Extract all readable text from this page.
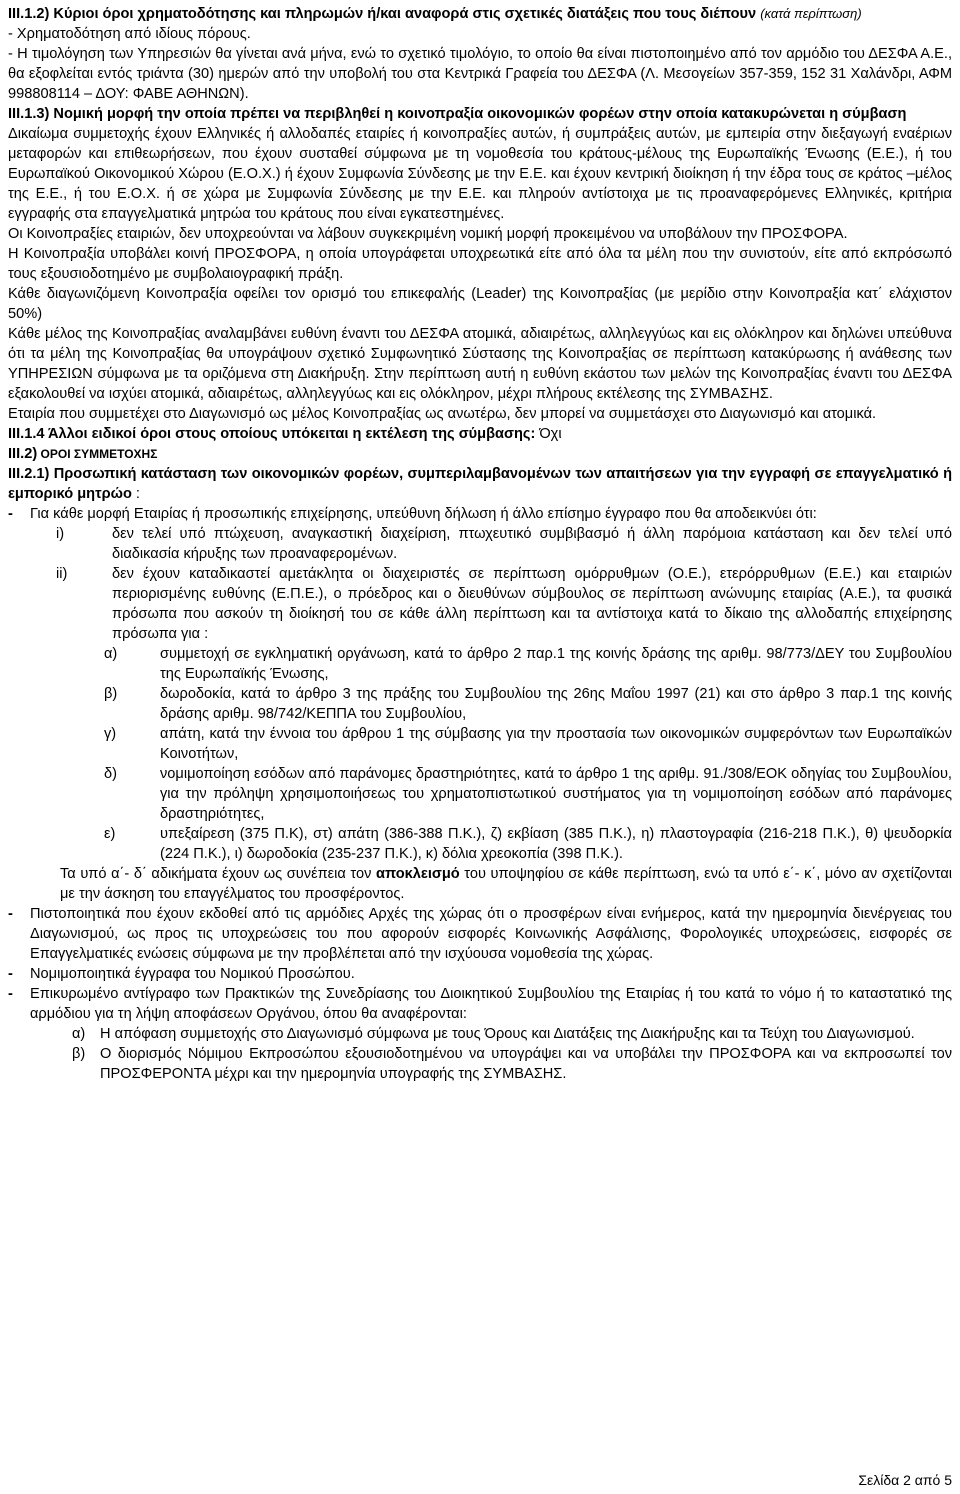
ΙΙΙ.1.2) Κύριοι όροι χρηματοδότησης και πληρωμών ή/και αναφορά στις σχετικές διατάξεις που τους διέπουν (κατά περίπτωση)

- Χρηματοδότηση από ιδίους πόρους.

- Η τιμολόγηση των Υπηρεσιών θα γίνεται ανά μήνα, ενώ το σχετικό τιμολόγιο, το οποίο θα είναι πιστοποιημένο από τον αρμόδιο του ΔΕΣΦΑ Α.Ε., θα εξοφλείται εντός τριάντα (30) ημερών από την υποβολή του στα Κεντρικά Γραφεία του ΔΕΣΦΑ (Λ. Μεσογείων 357-359, 152 31 Χαλάνδρι, ΑΦΜ 998808114 – ΔΟΥ: ΦΑΒΕ ΑΘΗΝΩΝ).

ΙΙΙ.1.3) Νομική μορφή την οποία πρέπει να περιβληθεί η κοινοπραξία οικονομικών φορέων στην οποία κατακυρώνεται η σύμβαση

Δικαίωμα συμμετοχής έχουν Ελληνικές ή αλλοδαπές εταιρίες ή κοινοπραξίες αυτών, ή συμπράξεις αυτών, με εμπειρία στην διεξαγωγή εναέριων μεταφορών και επιθεωρήσεων, που έχουν συσταθεί σύμφωνα με τη νομοθεσία του κράτους-μέλους της Ευρωπαϊκής Ένωσης (Ε.Ε.), ή του Ευρωπαϊκού Οικονομικού Χώρου (Ε.Ο.Χ.) ή έχουν Συμφωνία Σύνδεσης με την Ε.Ε. και έχουν κεντρική διοίκηση ή την έδρα τους σε κράτος –μέλος της Ε.Ε., ή του Ε.Ο.Χ. ή σε χώρα με Συμφωνία Σύνδεσης με την Ε.Ε. και πληρούν αντίστοιχα με τις προαναφερόμενες Ελληνικές, κριτήρια εγγραφής στα επαγγελματικά μητρώα του κράτους που είναι εγκατεστημένες.

Οι Κοινοπραξίες εταιριών, δεν υποχρεούνται να λάβουν συγκεκριμένη νομική μορφή προκειμένου να υποβάλουν την ΠΡΟΣΦΟΡΑ.

Η Κοινοπραξία υποβάλει κοινή ΠΡΟΣΦΟΡΑ, η οποία υπογράφεται υποχρεωτικά είτε από όλα τα μέλη που την συνιστούν, είτε από εκπρόσωπό τους εξουσιοδοτημένο με συμβολαιογραφική πράξη.

Κάθε διαγωνιζόμενη Κοινοπραξία οφείλει τον ορισμό του επικεφαλής (Leader) της Κοινοπραξίας (με μερίδιο στην Κοινοπραξία κατ΄ ελάχιστον 50%)

Κάθε μέλος της Κοινοπραξίας αναλαμβάνει ευθύνη έναντι του ΔΕΣΦΑ ατομικά, αδιαιρέτως, αλληλεγγύως και εις ολόκληρον και δηλώνει υπεύθυνα ότι τα μέλη της Κοινοπραξίας θα υπογράψουν σχετικό Συμφωνητικό Σύστασης της Κοινοπραξίας σε περίπτωση κατακύρωσης ή ανάθεσης των ΥΠΗΡΕΣΙΩΝ σύμφωνα με τα οριζόμενα στη Διακήρυξη. Στην περίπτωση αυτή η ευθύνη εκάστου των μελών της Κοινοπραξίας έναντι του ΔΕΣΦΑ εξακολουθεί να ισχύει ατομικά, αδιαιρέτως, αλληλεγγύως και εις ολόκληρον, μέχρι πλήρους εκτέλεσης της ΣΥΜΒΑΣΗΣ.

Εταιρία που συμμετέχει στο Διαγωνισμό ως μέλος Κοινοπραξίας ως ανωτέρω, δεν μπορεί να συμμετάσχει στο Διαγωνισμό και ατομικά.

ΙΙΙ.1.4 Άλλοι ειδικοί όροι στους οποίους υπόκειται η εκτέλεση της σύμβασης: Όχι

ΙΙΙ.2) ΟΡΟΙ ΣΥΜΜΕΤΟΧΗΣ

ΙΙΙ.2.1) Προσωπική κατάσταση των οικονομικών φορέων, συμπεριλαμβανομένων των απαιτήσεων για την εγγραφή σε επαγγελματικό ή εμπορικό μητρώο :

-	Για κάθε μορφή Εταιρίας ή προσωπικής επιχείρησης, υπεύθυνη δήλωση ή άλλο επίσημο έγγραφο που θα αποδεικνύει ότι:
i)	δεν τελεί υπό πτώχευση, αναγκαστική διαχείριση, πτωχευτικό συμβιβασμό ή άλλη παρόμοια κατάσταση και δεν τελεί υπό διαδικασία κήρυξης των προαναφερομένων.
ii)	δεν έχουν καταδικαστεί αμετάκλητα οι διαχειριστές σε περίπτωση ομόρρυθμων (Ο.Ε.), ετερόρρυθμων (Ε.Ε.) και εταιριών περιορισμένης ευθύνης (Ε.Π.Ε.), ο πρόεδρος και ο διευθύνων σύμβουλος σε περίπτωση ανώνυμης εταιρίας (Α.Ε.), τα φυσικά πρόσωπα που ασκούν τη διοίκησή του σε κάθε άλλη περίπτωση και τα αντίστοιχα κατά το δίκαιο της αλλοδαπής επιχείρησης πρόσωπα για :
α)	συμμετοχή σε εγκληματική οργάνωση, κατά το άρθρο 2 παρ.1 της κοινής δράσης της αριθμ. 98/773/ΔΕΥ του Συμβουλίου της Ευρωπαϊκής Ένωσης,
β)	δωροδοκία, κατά το άρθρο 3 της πράξης του Συμβουλίου της 26ης Μαΐου 1997 (21) και στο άρθρο 3 παρ.1 της κοινής δράσης αριθμ. 98/742/ΚΕΠΠΑ του Συμβουλίου,
γ)	απάτη, κατά την έννοια του άρθρου 1 της σύμβασης για την προστασία των οικονομικών συμφερόντων των Ευρωπαϊκών Κοινοτήτων,
δ)	νομιμοποίηση εσόδων από παράνομες δραστηριότητες, κατά το άρθρο 1 της αριθμ. 91./308/ΕΟΚ οδηγίας του Συμβουλίου, για την πρόληψη χρησιμοποιήσεως του χρηματοπιστωτικού συστήματος για τη νομιμοποίηση εσόδων από παράνομες δραστηριότητες,
ε)	υπεξαίρεση (375 Π.Κ), στ) απάτη (386-388 Π.Κ.), ζ) εκβίαση (385 Π.Κ.), η) πλαστογραφία (216-218 Π.Κ.), θ) ψευδορκία (224 Π.Κ.), ι) δωροδοκία (235-237 Π.Κ.), κ) δόλια χρεοκοπία (398 Π.Κ.).

Τα υπό α΄- δ΄ αδικήματα έχουν ως συνέπεια τον αποκλεισμό του υποψηφίου σε κάθε περίπτωση, ενώ τα υπό ε΄- κ΄, μόνο αν σχετίζονται με την άσκηση του επαγγέλματος του προσφέροντος.

-	Πιστοποιητικά που έχουν εκδοθεί από τις αρμόδιες Αρχές της χώρας ότι ο προσφέρων είναι ενήμερος, κατά την ημερομηνία διενέργειας του Διαγωνισμού, ως προς τις υποχρεώσεις του που αφορούν εισφορές Κοινωνικής Ασφάλισης, Φορολογικές υποχρεώσεις, εισφορές σε Επαγγελματικές ενώσεις σύμφωνα με την προβλέπεται από την ισχύουσα νομοθεσία της χώρας.
-	Νομιμοποιητικά έγγραφα του Νομικού Προσώπου.
-	Επικυρωμένο αντίγραφο των Πρακτικών της Συνεδρίασης του Διοικητικού Συμβουλίου της Εταιρίας ή του κατά το νόμο ή το καταστατικό της αρμόδιου για τη λήψη αποφάσεων Οργάνου, όπου θα αναφέρονται:
α)	Η απόφαση συμμετοχής στο Διαγωνισμό σύμφωνα με τους Όρους και Διατάξεις της Διακήρυξης και τα Τεύχη του Διαγωνισμού.
β)	Ο διορισμός Νόμιμου Εκπροσώπου εξουσιοδοτημένου να υπογράψει και να υποβάλει την ΠΡΟΣΦΟΡΑ και να εκπροσωπεί τον ΠΡΟΣΦΕΡΟΝΤΑ μέχρι και την ημερομηνία υπογραφής της ΣΥΜΒΑΣΗΣ.
Σελίδα 2 από 5
